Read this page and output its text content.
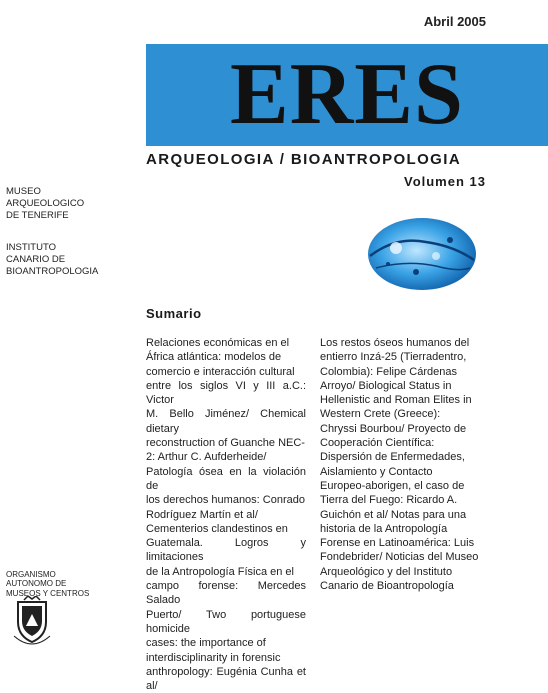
Abril 2005
ERES
ARQUEOLOGIA / BIOANTROPOLOGIA
Volumen 13
MUSEO
ARQUEOLOGICO
DE TENERIFE
INSTITUTO
CANARIO DE
BIOANTROPOLOGIA
Sumario
Relaciones económicas en el
África atlántica: modelos de
comercio e interacción cultural
entre los siglos VI y III a.C.: Victor
M. Bello Jiménez/ Chemical dietary
reconstruction of Guanche NEC-
2: Arthur C. Aufderheide/
Patología ósea en la violación de
los derechos humanos: Conrado
Rodríguez Martín et al/
Cementerios clandestinos en
Guatemala. Logros y limitaciones
de la Antropología Física en el
campo forense: Mercedes Salado
Puerto/ Two portuguese homicide
cases: the importance of
interdisciplinarity in forensic
anthropology: Eugénia Cunha et al/
Los restos óseos humanos del
entierro Inzá-25 (Tierradentro,
Colombia): Felipe Cárdenas
Arroyo/ Biological Status in
Hellenistic and Roman Elites in
Western Crete (Greece):
Chryssi Bourbou/ Proyecto de
Cooperación Científica:
Dispersión de Enfermedades,
Aislamiento y Contacto
Europeo-aborigen, el caso de
Tierra del Fuego: Ricardo A.
Guichón et al/ Notas para una
historia de la Antropología
Forense en Latinoamérica: Luis
Fondebrider/ Noticias del Museo
Arqueológico y del Instituto
Canario de Bioantropología
ORGANISMO
AUTONOMO DE
MUSEOS Y CENTROS
